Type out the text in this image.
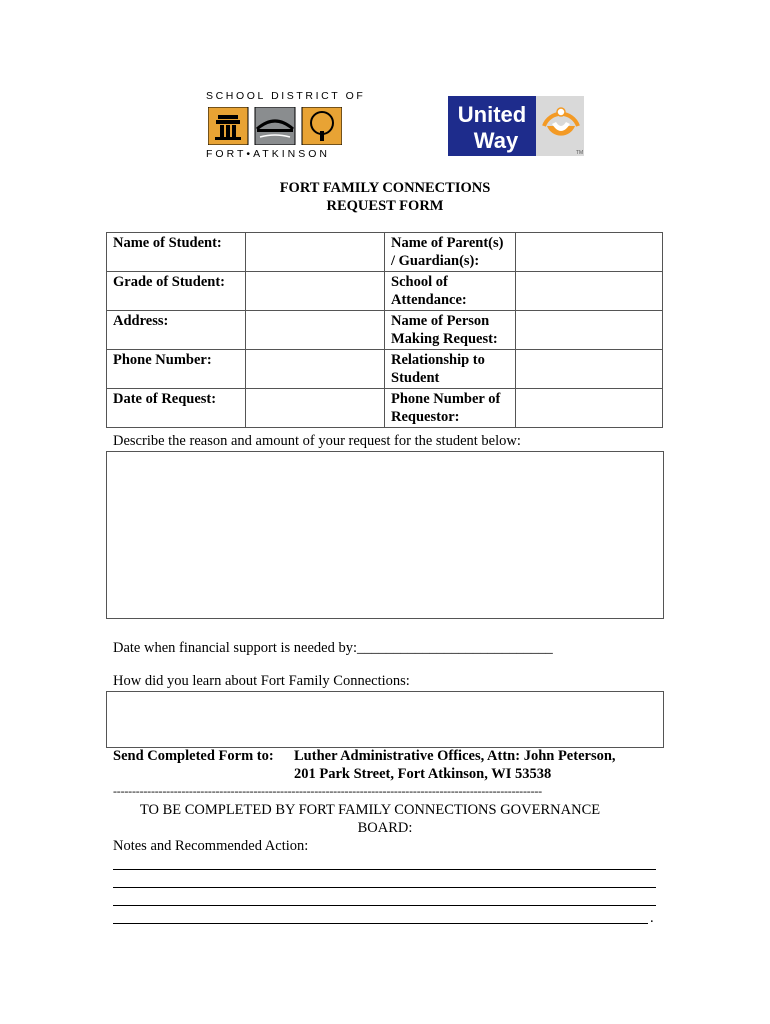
SCHOOL DISTRICT OF
FORT•ATKINSON
United
Way	TM
FORT FAMILY CONNECTIONS
REQUEST FORM
Name of Student:		Name of Parent(s) / Guardian(s):	
Grade of Student:		School of Attendance:	
Address:		Name of Person Making Request:	
Phone Number:		Relationship to Student	
Date of Request:		Phone Number of Requestor:	
Describe the reason and amount of your request for the student below:
Date when financial support is needed by:___________________________
How did you learn about Fort Family Connections:
Send Completed Form to: Luther Administrative Offices, Attn: John Peterson,
201 Park Street, Fort Atkinson, WI 53538
-----------------------------------------------------------------------------------------------------------------
TO BE COMPLETED BY FORT FAMILY CONNECTIONS GOVERNANCE
BOARD:
Notes and Recommended Action:
.
